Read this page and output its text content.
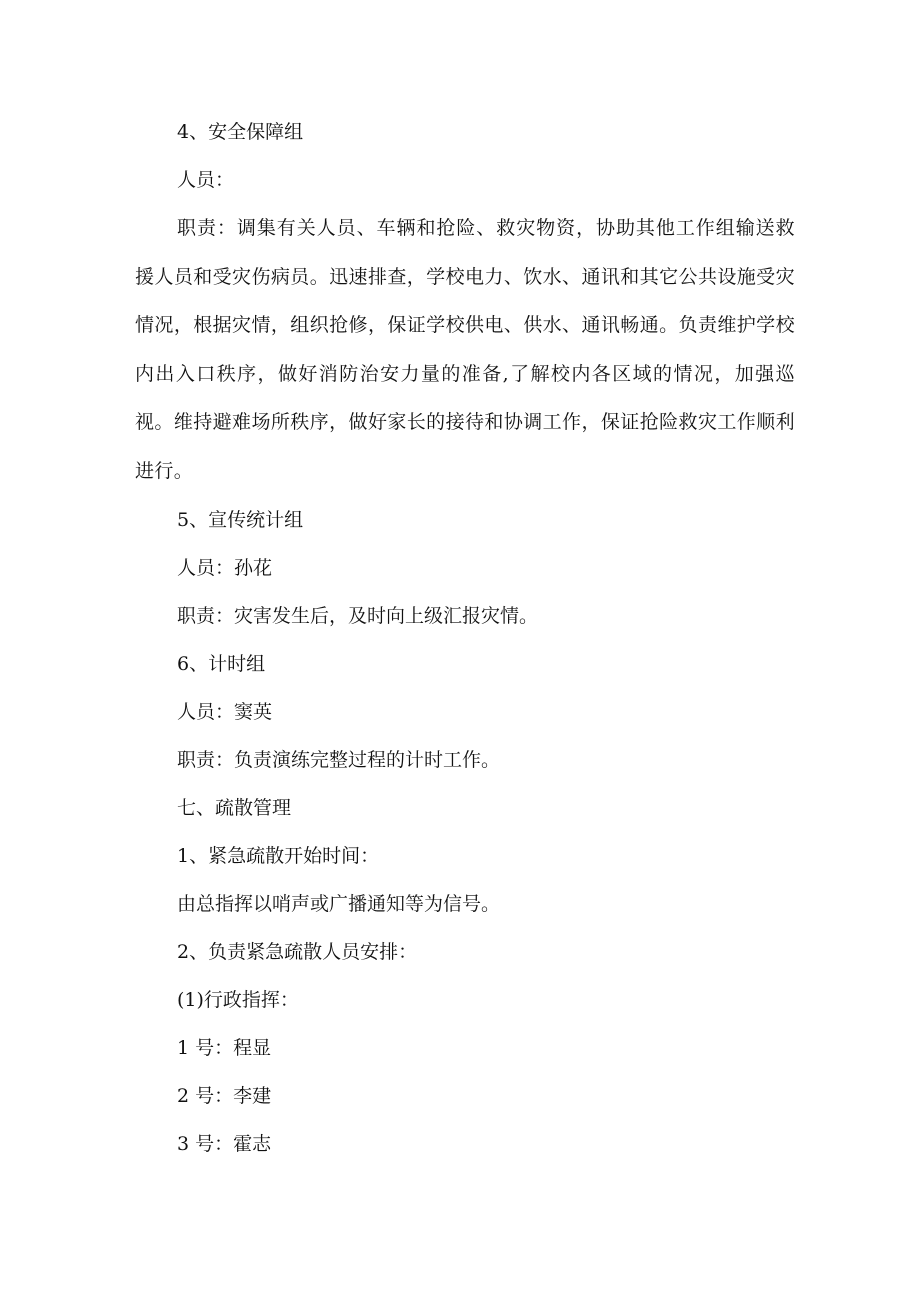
4、安全保障组

人员：

职责：调集有关人员、车辆和抢险、救灾物资，协助其他工作组输送救援人员和受灾伤病员。迅速排查，学校电力、饮水、通讯和其它公共设施受灾情况，根据灾情，组织抢修，保证学校供电、供水、通讯畅通。负责维护学校内出入口秩序，做好消防治安力量的准备,了解校内各区域的情况，加强巡视。维持避难场所秩序，做好家长的接待和协调工作，保证抢险救灾工作顺利进行。

5、宣传统计组

人员：孙花

职责：灾害发生后，及时向上级汇报灾情。

6、计时组

人员：窦英

职责：负责演练完整过程的计时工作。

七、疏散管理

1、紧急疏散开始时间：

由总指挥以哨声或广播通知等为信号。

2、负责紧急疏散人员安排：

(1)行政指挥：

1 号：程显

2 号：李建

3 号：霍志
